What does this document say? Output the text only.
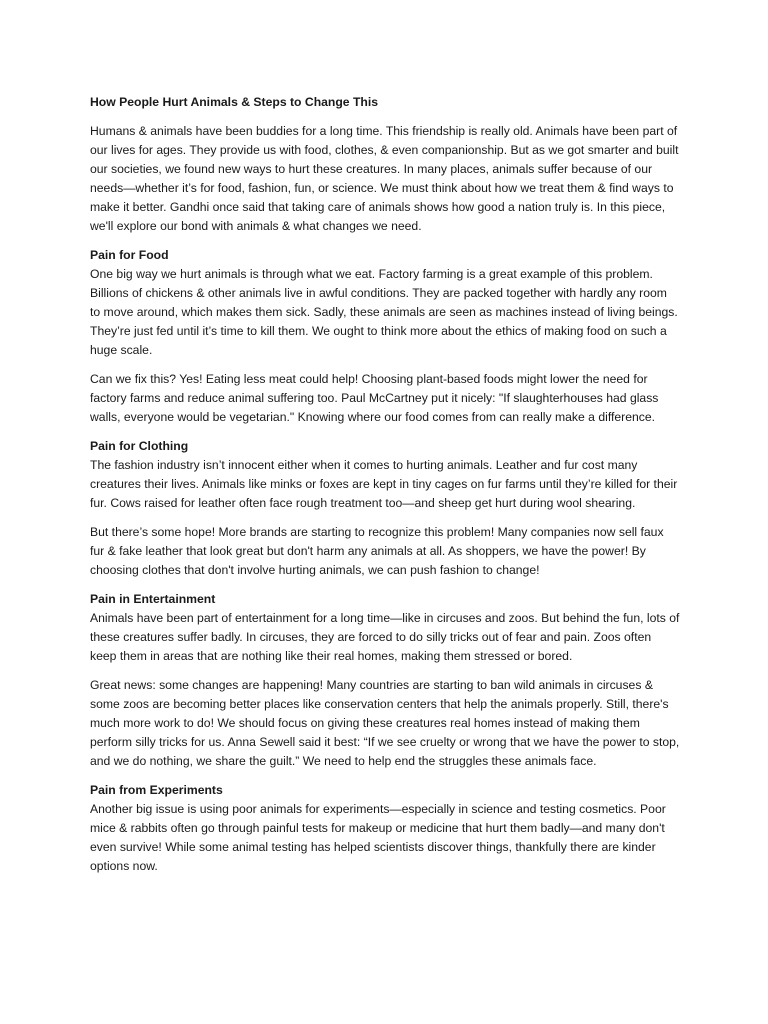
How People Hurt Animals & Steps to Change This

Humans & animals have been buddies for a long time. This friendship is really old. Animals have been part of our lives for ages. They provide us with food, clothes, & even companionship. But as we got smarter and built our societies, we found new ways to hurt these creatures. In many places, animals suffer because of our needs—whether it’s for food, fashion, fun, or science. We must think about how we treat them & find ways to make it better. Gandhi once said that taking care of animals shows how good a nation truly is. In this piece, we'll explore our bond with animals & what changes we need.

Pain for Food

One big way we hurt animals is through what we eat. Factory farming is a great example of this problem. Billions of chickens & other animals live in awful conditions. They are packed together with hardly any room to move around, which makes them sick. Sadly, these animals are seen as machines instead of living beings. They’re just fed until it’s time to kill them. We ought to think more about the ethics of making food on such a huge scale.

Can we fix this? Yes! Eating less meat could help! Choosing plant-based foods might lower the need for factory farms and reduce animal suffering too. Paul McCartney put it nicely: "If slaughterhouses had glass walls, everyone would be vegetarian." Knowing where our food comes from can really make a difference.

Pain for Clothing

The fashion industry isn’t innocent either when it comes to hurting animals. Leather and fur cost many creatures their lives. Animals like minks or foxes are kept in tiny cages on fur farms until they’re killed for their fur. Cows raised for leather often face rough treatment too—and sheep get hurt during wool shearing.

But there’s some hope! More brands are starting to recognize this problem! Many companies now sell faux fur & fake leather that look great but don't harm any animals at all. As shoppers, we have the power! By choosing clothes that don't involve hurting animals, we can push fashion to change!

Pain in Entertainment

Animals have been part of entertainment for a long time—like in circuses and zoos. But behind the fun, lots of these creatures suffer badly. In circuses, they are forced to do silly tricks out of fear and pain. Zoos often keep them in areas that are nothing like their real homes, making them stressed or bored.

Great news: some changes are happening! Many countries are starting to ban wild animals in circuses & some zoos are becoming better places like conservation centers that help the animals properly. Still, there's much more work to do! We should focus on giving these creatures real homes instead of making them perform silly tricks for us. Anna Sewell said it best: “If we see cruelty or wrong that we have the power to stop, and we do nothing, we share the guilt.” We need to help end the struggles these animals face.

Pain from Experiments

Another big issue is using poor animals for experiments—especially in science and testing cosmetics. Poor mice & rabbits often go through painful tests for makeup or medicine that hurt them badly—and many don't even survive! While some animal testing has helped scientists discover things, thankfully there are kinder options now.
